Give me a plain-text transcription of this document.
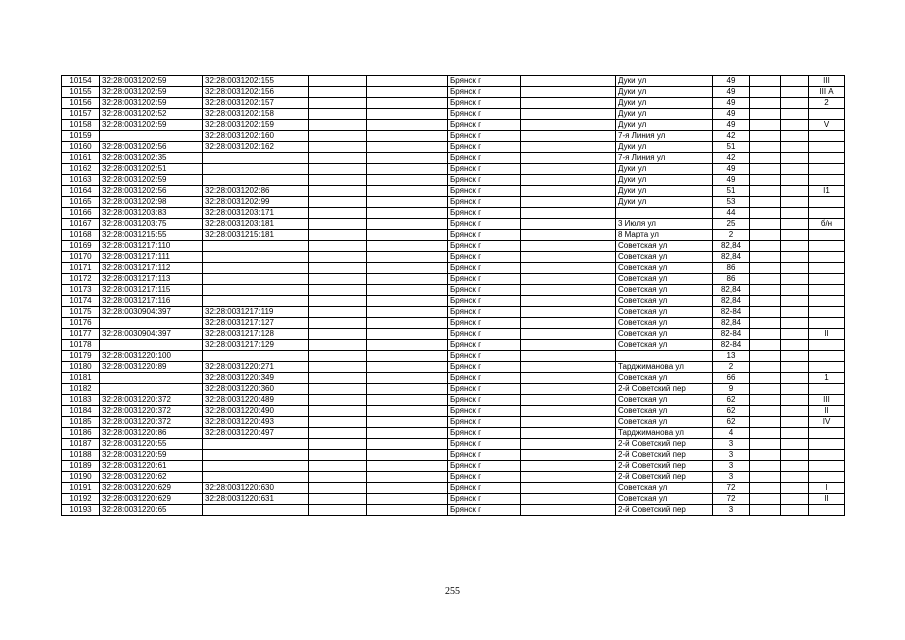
10154	32:28:0031202:59	32:28:0031202:155			Брянск г		Дуки ул		49			III
10155	32:28:0031202:59	32:28:0031202:156			Брянск г		Дуки ул		49			III А
10156	32:28:0031202:59	32:28:0031202:157			Брянск г		Дуки ул		49			2
10157	32:28:0031202:52	32:28:0031202:158			Брянск г		Дуки ул		49			
10158	32:28:0031202:59	32:28:0031202:159			Брянск г		Дуки ул		49			V
10159		32:28:0031202:160			Брянск г		7-я Линия ул		42			
10160	32:28:0031202:56	32:28:0031202:162			Брянск г		Дуки ул		51			
10161	32:28:0031202:35				Брянск г		7-я Линия ул		42			
10162	32:28:0031202:51				Брянск г		Дуки ул		49			
10163	32:28:0031202:59				Брянск г		Дуки ул		49			
10164	32:28:0031202:56	32:28:0031202:86			Брянск г		Дуки ул		51			I1
10165	32:28:0031202:98	32:28:0031202:99			Брянск г		Дуки ул		53			
10166	32:28:0031203:83	32:28:0031203:171			Брянск г				44			
10167	32:28:0031203:75	32:28:0031203:181			Брянск г		3 Июля ул		25			б/н
10168	32:28:0031215:55	32:28:0031215:181			Брянск г		8 Марта ул		2			
10169	32:28:0031217:110				Брянск г		Советская ул		82,84			
10170	32:28:0031217:111				Брянск г		Советская ул		82,84			
10171	32:28:0031217:112				Брянск г		Советская ул		86			
10172	32:28:0031217:113				Брянск г		Советская ул		86			
10173	32:28:0031217:115				Брянск г		Советская ул		82,84			
10174	32:28:0031217:116				Брянск г		Советская ул		82,84			
10175	32:28:0030904:397	32:28:0031217:119			Брянск г		Советская ул		82-84			
10176		32:28:0031217:127			Брянск г		Советская ул		82,84			
10177	32:28:0030904:397	32:28:0031217:128			Брянск г		Советская ул		82-84			II
10178		32:28:0031217:129			Брянск г		Советская ул		82-84			
10179	32:28:0031220:100				Брянск г				13			
10180	32:28:0031220:89	32:28:0031220:271			Брянск г		Тарджиманова ул		2			
10181		32:28:0031220:349			Брянск г		Советская ул		66			1
10182		32:28:0031220:360			Брянск г		2-й Советский пер		9			
10183	32:28:0031220:372	32:28:0031220:489			Брянск г		Советская ул		62			III
10184	32:28:0031220:372	32:28:0031220:490			Брянск г		Советская ул		62			II
10185	32:28:0031220:372	32:28:0031220:493			Брянск г		Советская ул		62			IV
10186	32:28:0031220:86	32:28:0031220:497			Брянск г		Тарджиманова ул		4			
10187	32:28:0031220:55				Брянск г		2-й Советский пер		3			
10188	32:28:0031220:59				Брянск г		2-й Советский пер		3			
10189	32:28:0031220:61				Брянск г		2-й Советский пер		3			
10190	32:28:0031220:62				Брянск г		2-й Советский пер		3			
10191	32:28:0031220:629	32:28:0031220:630			Брянск г		Советская ул		72			I
10192	32:28:0031220:629	32:28:0031220:631			Брянск г		Советская ул		72			II
10193	32:28:0031220:65				Брянск г		2-й Советский пер		3			
255
